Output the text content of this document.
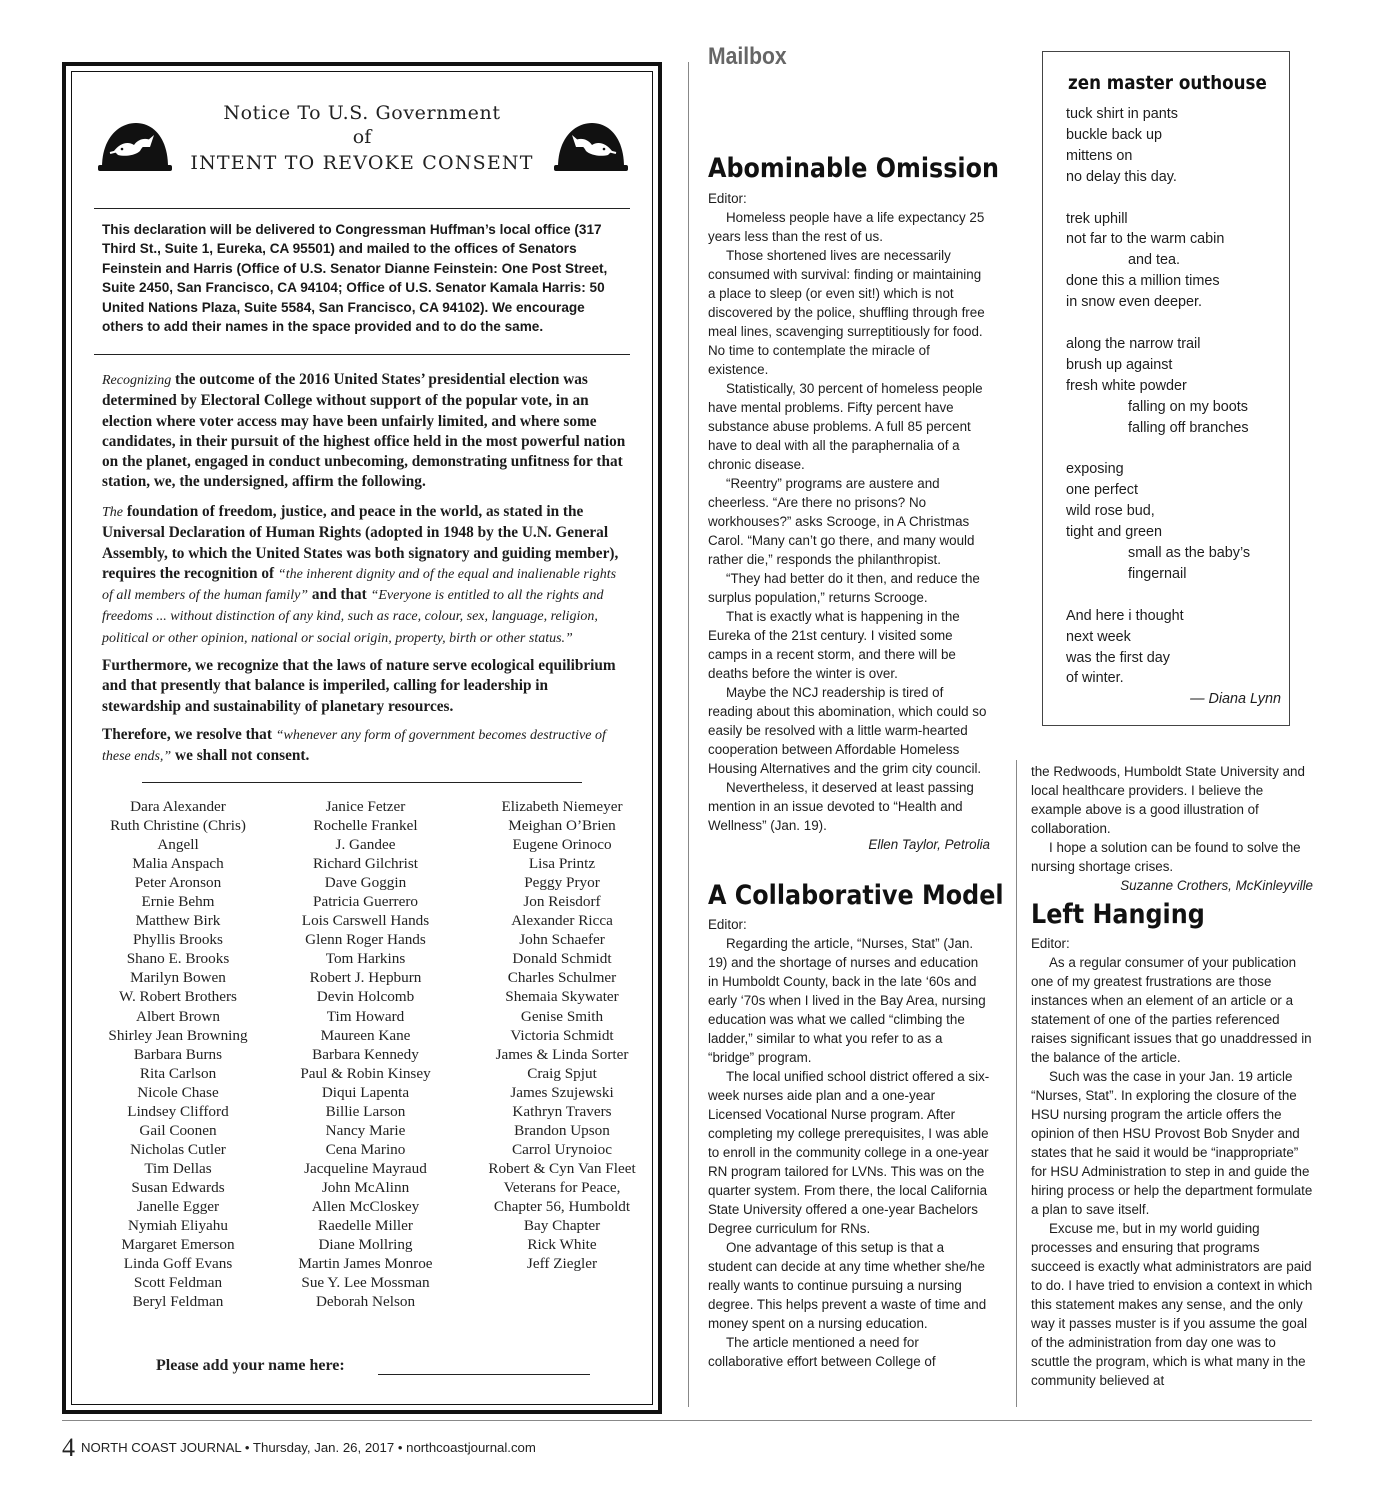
Notice To U.S. Government
of
INTENT TO REVOKE CONSENT
This declaration will be delivered to Congressman Huffman’s local office (317 Third St., Suite 1, Eureka, CA 95501) and mailed to the offices of Senators Feinstein and Harris (Office of U.S. Senator Dianne Feinstein: One Post Street, Suite 2450, San Francisco, CA 94104; Office of U.S. Senator Kamala Harris: 50 United Nations Plaza, Suite 5584, San Francisco, CA 94102). We encourage others to add their names in the space provided and to do the same.
Recognizing the outcome of the 2016 United States’ presidential election was determined by Electoral College without support of the popular vote, in an election where voter access may have been unfairly limited, and where some candidates, in their pursuit of the highest office held in the most powerful nation on the planet, engaged in conduct unbecoming, demonstrating unfitness for that station, we, the undersigned, affirm the following.
The foundation of freedom, justice, and peace in the world, as stated in the Universal Declaration of Human Rights (adopted in 1948 by the U.N. General Assembly, to which the United States was both signatory and guiding member), requires the recognition of “the inherent dignity and of the equal and inalienable rights of all members of the human family” and that “Everyone is entitled to all the rights and freedoms ... without distinction of any kind, such as race, colour, sex, language, religion, political or other opinion, national or social origin, property, birth or other status.”
Furthermore, we recognize that the laws of nature serve ecological equilibrium and that presently that balance is imperiled, calling for leadership in stewardship and sustainability of planetary resources.
Therefore, we resolve that “whenever any form of government becomes destructive of these ends,” we shall not consent.
Dara Alexander
Ruth Christine (Chris)
Angell
Malia Anspach
Peter Aronson
Ernie Behm
Matthew Birk
Phyllis Brooks
Shano E. Brooks
Marilyn Bowen
W. Robert Brothers
Albert Brown
Shirley Jean Browning
Barbara Burns
Rita Carlson
Nicole Chase
Lindsey Clifford
Gail Coonen
Nicholas Cutler
Tim Dellas
Susan Edwards
Janelle Egger
Nymiah Eliyahu
Margaret Emerson
Linda Goff Evans
Scott Feldman
Beryl Feldman
Janice Fetzer
Rochelle Frankel
J. Gandee
Richard Gilchrist
Dave Goggin
Patricia Guerrero
Lois Carswell Hands
Glenn Roger Hands
Tom Harkins
Robert J. Hepburn
Devin Holcomb
Tim Howard
Maureen Kane
Barbara Kennedy
Paul & Robin Kinsey
Diqui Lapenta
Billie Larson
Nancy Marie
Cena Marino
Jacqueline Mayraud
John McAlinn
Allen McCloskey
Raedelle Miller
Diane Mollring
Martin James Monroe
Sue Y. Lee Mossman
Deborah Nelson
Elizabeth Niemeyer
Meighan O’Brien
Eugene Orinoco
Lisa Printz
Peggy Pryor
Jon Reisdorf
Alexander Ricca
John Schaefer
Donald Schmidt
Charles Schulmer
Shemaia Skywater
Genise Smith
Victoria Schmidt
James & Linda Sorter
Craig Spjut
James Szujewski
Kathryn Travers
Brandon Upson
Carrol Urynoioc
Robert & Cyn Van Fleet
Veterans for Peace,
Chapter 56, Humboldt
Bay Chapter
Rick White
Jeff Ziegler
Please add your name here:
Mailbox
Abominable Omission

Editor:

Homeless people have a life expectancy 25 years less than the rest of us.

Those shortened lives are necessarily consumed with survival: finding or maintaining a place to sleep (or even sit!) which is not discovered by the police, shuffling through free meal lines, scavenging surreptitiously for food. No time to contemplate the miracle of existence.

Statistically, 30 percent of homeless people have mental problems. Fifty percent have substance abuse problems. A full 85 percent have to deal with all the paraphernalia of a chronic disease.

“Reentry” programs are austere and cheerless. “Are there no prisons? No workhouses?” asks Scrooge, in A Christmas Carol. “Many can’t go there, and many would rather die,” responds the philanthropist.

“They had better do it then, and reduce the surplus population,” returns Scrooge.

That is exactly what is happening in the Eureka of the 21st century. I visited some camps in a recent storm, and there will be deaths before the winter is over.

Maybe the NCJ readership is tired of reading about this abomination, which could so easily be resolved with a little warm-hearted cooperation between Affordable Homeless Housing Alternatives and the grim city council.

Nevertheless, it deserved at least passing mention in an issue devoted to “Health and Wellness” (Jan. 19).

Ellen Taylor, Petrolia

A Collaborative Model

Editor:

Regarding the article, “Nurses, Stat” (Jan. 19) and the shortage of nurses and education in Humboldt County, back in the late ‘60s and early ‘70s when I lived in the Bay Area, nursing education was what we called “climbing the ladder,” similar to what you refer to as a “bridge” program.

The local unified school district offered a six-week nurses aide plan and a one-year Licensed Vocational Nurse program. After completing my college prerequisites, I was able to enroll in the community college in a one-year RN program tailored for LVNs. This was on the quarter system. From there, the local California State University offered a one-year Bachelors Degree curriculum for RNs.

One advantage of this setup is that a student can decide at any time whether she/he really wants to continue pursuing a nursing degree. This helps prevent a waste of time and money spent on a nursing education.

The article mentioned a need for collaborative effort between College of

the Redwoods, Humboldt State University and local healthcare providers. I believe the example above is a good illustration of collaboration.

I hope a solution can be found to solve the nursing shortage crises.

Suzanne Crothers, McKinleyville

Left Hanging

Editor:

As a regular consumer of your publication one of my greatest frustrations are those instances when an element of an article or a statement of one of the parties referenced raises significant issues that go unaddressed in the balance of the article.

Such was the case in your Jan. 19 article “Nurses, Stat”. In exploring the closure of the HSU nursing program the article offers the opinion of then HSU Provost Bob Snyder and states that he said it would be “inappropriate” for HSU Administration to step in and guide the hiring process or help the department formulate a plan to save itself.

Excuse me, but in my world guiding processes and ensuring that programs succeed is exactly what administrators are paid to do. I have tried to envision a context in which this statement makes any sense, and the only way it passes muster is if you assume the goal of the administration from day one was to scuttle the program, which is what many in the community believed at

zen master outhouse
tuck shirt in pants
buckle back up
mittens on
no delay this day.
trek uphill
not far to the warm cabin
and tea.
done this a million times
in snow even deeper.
along the narrow trail
brush up against
fresh white powder
falling on my boots
falling off branches
exposing
one perfect
wild rose bud,
tight and green
small as the baby’s
fingernail
And here i thought
next week
was the first day
of winter.
— Diana Lynn
4 NORTH COAST JOURNAL • Thursday, Jan. 26, 2017 • northcoastjournal.com
